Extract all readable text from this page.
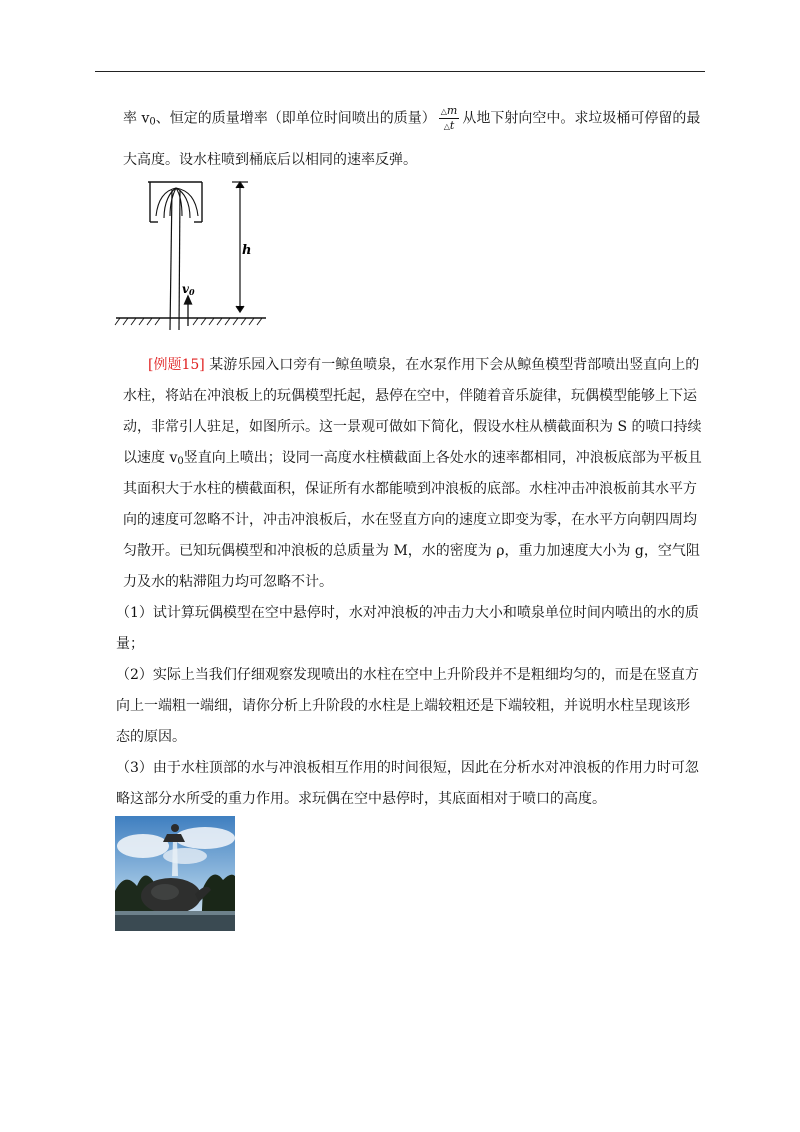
率 $v_0$、恒定的质量增率（即单位时间喷出的质量） $\frac{\triangle m}{\triangle t}$ 从地下射向空中。求垃圾桶可停留的最
大高度。设水柱喷到桶底后以相同的速率反弹。
h
v0
[例题15] 某游乐园入口旁有一鲸鱼喷泉，在水泵作用下会从鲸鱼模型背部喷出竖直向上的
水柱，将站在冲浪板上的玩偶模型托起，悬停在空中，伴随着音乐旋律，玩偶模型能够上下运
动，非常引人驻足，如图所示。这一景观可做如下简化，假设水柱从横截面积为 S 的喷口持续
以速度 $v_0$竖直向上喷出；设同一高度水柱横截面上各处水的速率都相同，冲浪板底部为平板且
其面积大于水柱的横截面积，保证所有水都能喷到冲浪板的底部。水柱冲击冲浪板前其水平方
向的速度可忽略不计，冲击冲浪板后，水在竖直方向的速度立即变为零，在水平方向朝四周均
匀散开。已知玩偶模型和冲浪板的总质量为 M，水的密度为 ρ，重力加速度大小为 g，空气阻
力及水的粘滞阻力均可忽略不计。
（1）试计算玩偶模型在空中悬停时，水对冲浪板的冲击力大小和喷泉单位时间内喷出的水的质
量；
（2）实际上当我们仔细观察发现喷出的水柱在空中上升阶段并不是粗细均匀的，而是在竖直方
向上一端粗一端细，请你分析上升阶段的水柱是上端较粗还是下端较粗，并说明水柱呈现该形
态的原因。
（3）由于水柱顶部的水与冲浪板相互作用的时间很短，因此在分析水对冲浪板的作用力时可忽
略这部分水所受的重力作用。求玩偶在空中悬停时，其底面相对于喷口的高度。
